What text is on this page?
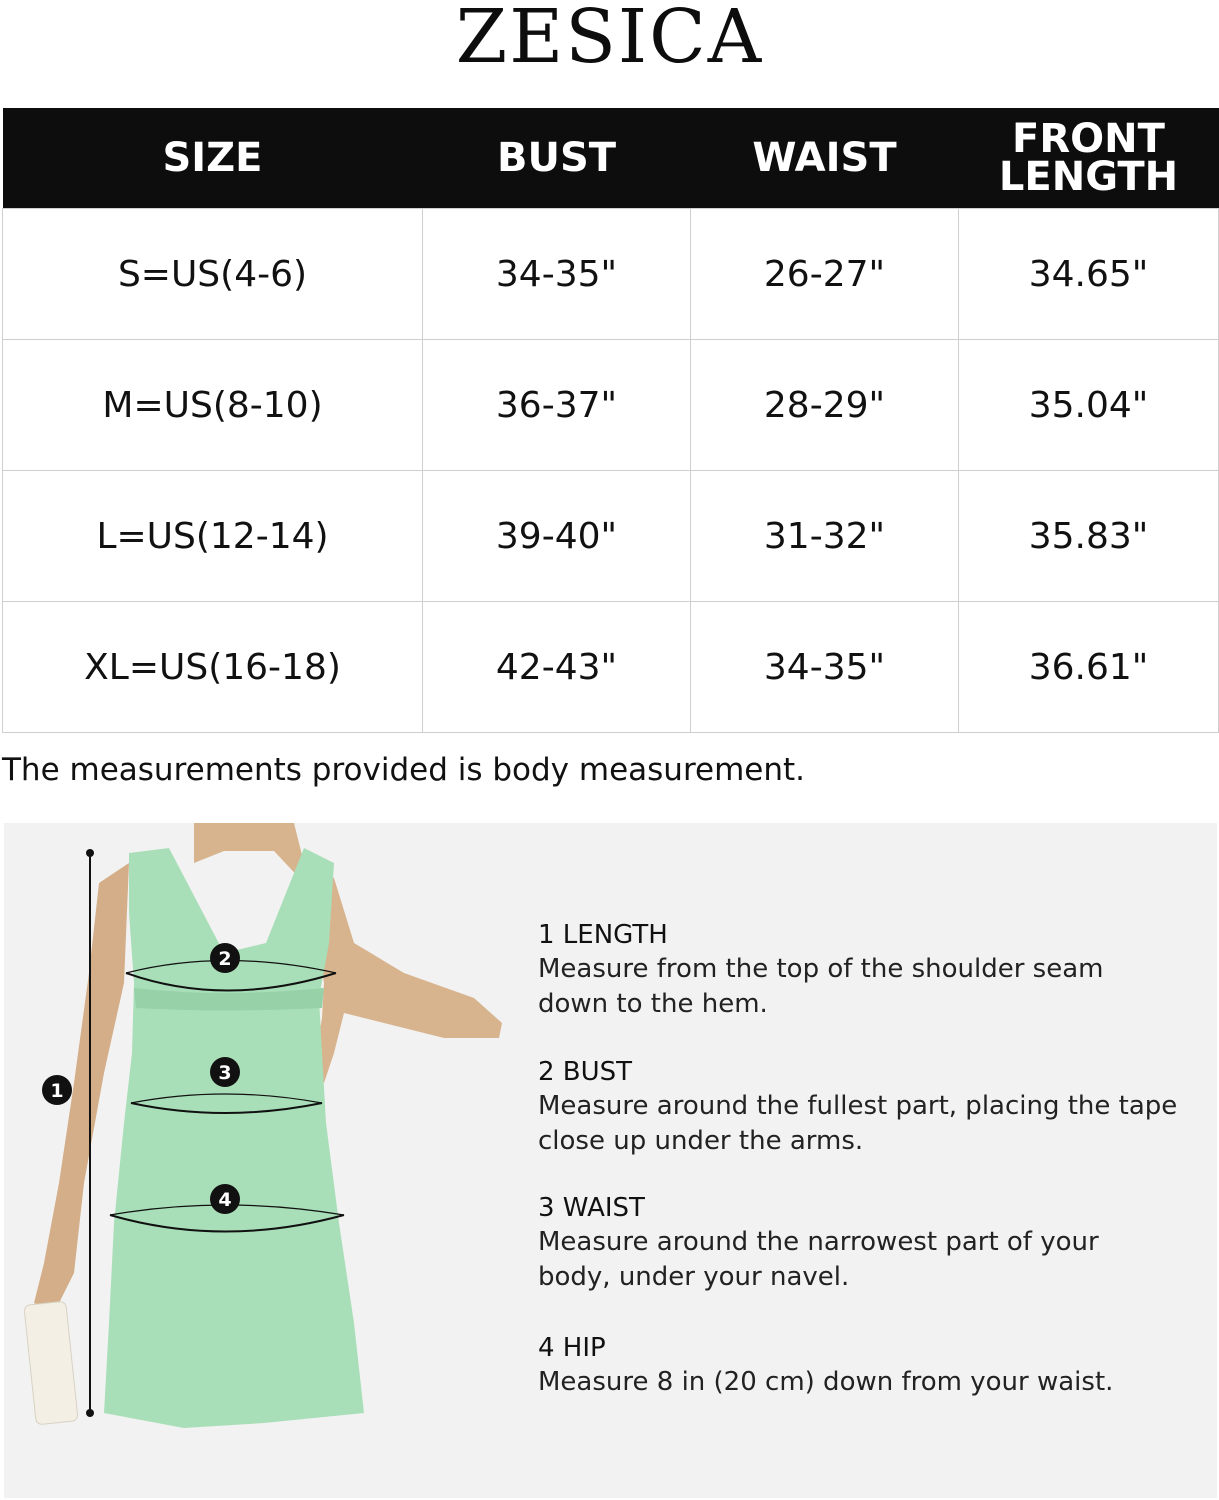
ZESICA
SIZE	BUST	WAIST	FRONT
LENGTH
S=US(4-6)	34-35"	26-27"	34.65"
M=US(8-10)	36-37"	28-29"	35.04"
L=US(12-14)	39-40"	31-32"	35.83"
XL=US(16-18)	42-43"	34-35"	36.61"
The measurements provided is body measurement.
1
2
3
4
1 LENGTH
Measure from the top of the shoulder seam down to the hem.
2 BUST
Measure around the fullest part, placing the tape close up under the arms.
3 WAIST
Measure around the narrowest part of your body, under your navel.
4 HIP
Measure 8 in (20 cm) down from your waist.
